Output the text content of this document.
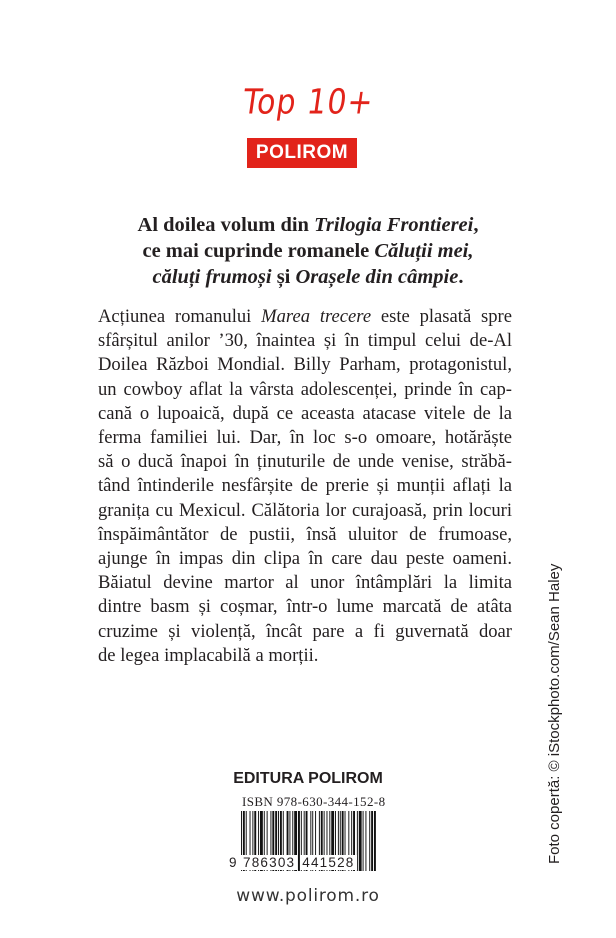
Top 10+
POLIROM
Al doilea volum din Trilogia Frontierei,
ce mai cuprinde romanele Căluții mei,
căluți frumoși și Orașele din câmpie.
Acțiunea romanului Marea trecere este plasată spre
sfârșitul anilor ’30, înaintea și în timpul celui de-Al
Doilea Război Mondial. Billy Parham, protagonistul,
un cowboy aflat la vârsta adolescenței, prinde în cap-
cană o lupoaică, după ce aceasta atacase vitele de la
ferma familiei lui. Dar, în loc s-o omoare, hotărăște
să o ducă înapoi în ținuturile de unde venise, străbă-
tând întinderile nesfârșite de prerie și munții aflați la
granița cu Mexicul. Călătoria lor curajoasă, prin locuri
înspăimântător de pustii, însă uluitor de frumoase,
ajunge în impas din clipa în care dau peste oameni.
Băiatul devine martor al unor întâmplări la limita
dintre basm și coșmar, într-o lume marcată de atâta
cruzime și violență, încât pare a fi guvernată doar
de legea implacabilă a morții.	Foto copertă: © iStockphoto.com/Sean Haley
EDITURA POLIROM
ISBN 978-630-344-152-8
9 786303 441528
www.polirom.ro
